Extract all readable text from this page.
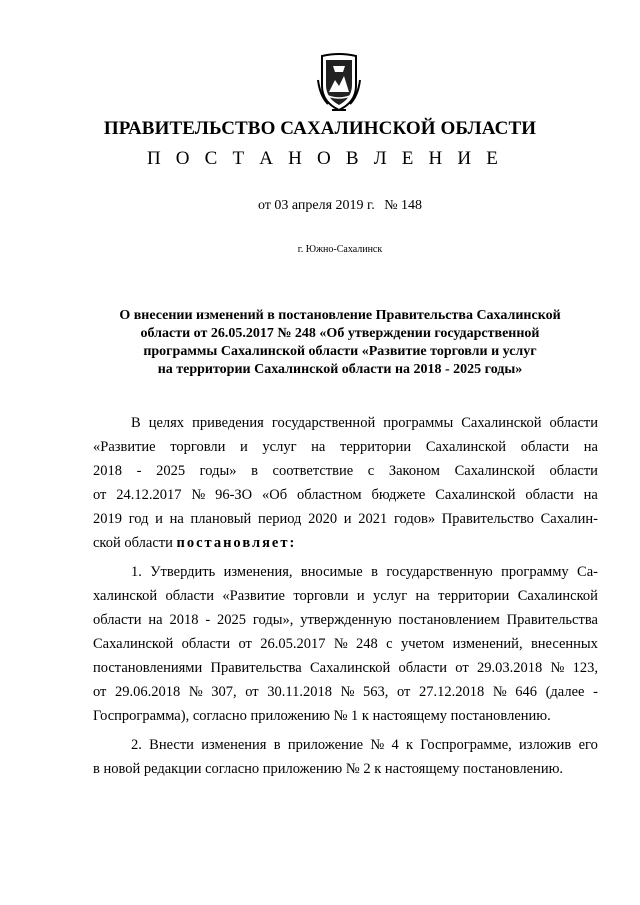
ПРАВИТЕЛЬСТВО САХАЛИНСКОЙ ОБЛАСТИ
П О С Т А Н О В Л Е Н И Е
от 03 апреля 2019 г. № 148
г. Южно-Сахалинск
О внесении изменений в постановление Правительства Сахалинской
области от 26.05.2017 № 248 «Об утверждении государственной
программы Сахалинской области «Развитие торговли и услуг
на территории Сахалинской области на 2018 - 2025 годы»
В целях приведения государственной программы Сахалинской области
«Развитие торговли и услуг на территории Сахалинской области на
2018 - 2025 годы» в соответствие с Законом Сахалинской области
от 24.12.2017 № 96-ЗО «Об областном бюджете Сахалинской области на
2019 год и на плановый период 2020 и 2021 годов» Правительство Сахалин-
ской области
постановляет:
1. Утвердить изменения, вносимые в государственную программу Са-
халинской области «Развитие торговли и услуг на территории Сахалинской
области на 2018 - 2025 годы», утвержденную постановлением Правительства
Сахалинской области от 26.05.2017 № 248 с учетом изменений, внесенных
постановлениями Правительства Сахалинской области от 29.03.2018 № 123,
от 29.06.2018 № 307, от 30.11.2018 № 563, от 27.12.2018 № 646 (далее -
Госпрограмма), согласно приложению № 1 к настоящему постановлению.
2. Внести изменения в приложение № 4 к Госпрограмме, изложив его
в новой редакции согласно приложению № 2 к настоящему постановлению.
